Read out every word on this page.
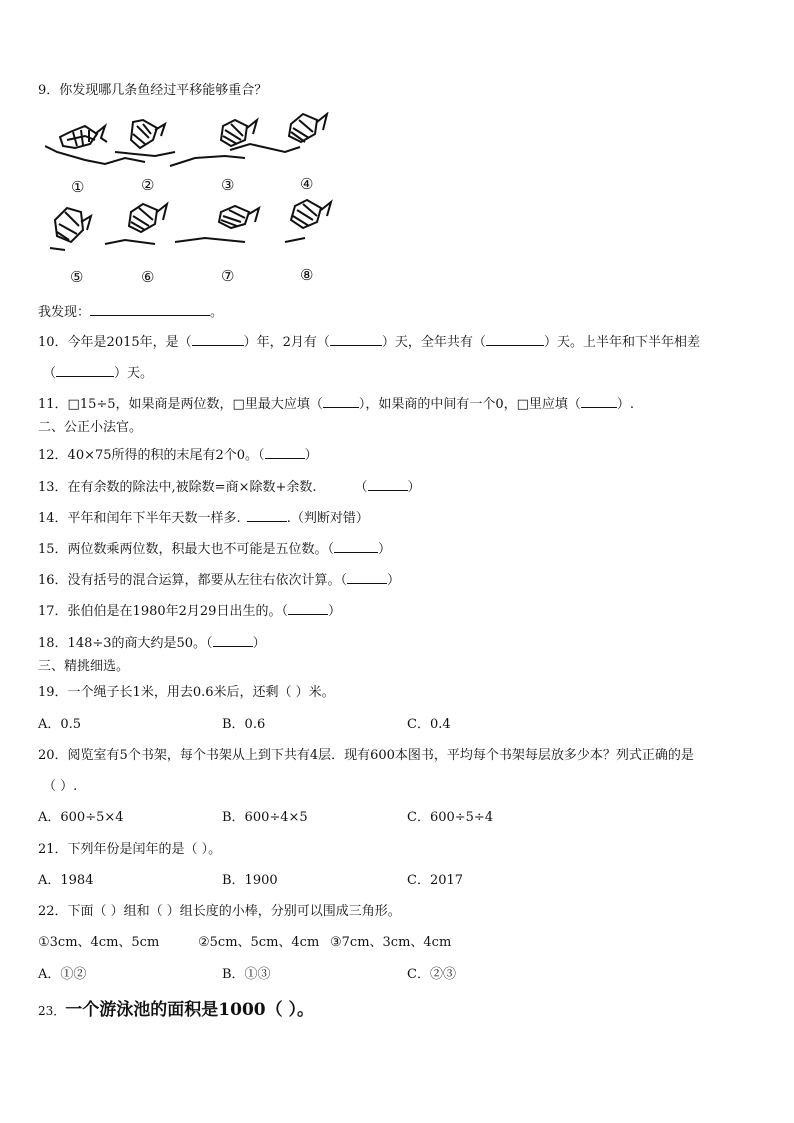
9．你发现哪几条鱼经过平移能够重合？
①	②	③	④
⑤	⑥	⑦	⑧
我发现：	。
10．今年是2015年，是（	）年，2月有（	）天，全年共有（	）天。上半年和下半年相差
（	）天。
11．□15÷5，如果商是两位数，□里最大应填（	），如果商的中间有一个0，□里应填（	）.
二、公正小法官。
12．40×75所得的积的末尾有2个0。（	）
13．在有余数的除法中,被除数=商×除数+余数.	（	）
14．平年和闰年下半年天数一样多.	.（判断对错）
15．两位数乘两位数，积最大也不可能是五位数。（	）
16．没有括号的混合运算，都要从左往右依次计算。（	）
17．张伯伯是在1980年2月29日出生的。（	）
18．148÷3的商大约是50。（	）
三、精挑细选。
19．一个绳子长1米，用去0.6米后，还剩（ ）米。
A．0.5	B．0.6	C．0.4
20．阅览室有5个书架，每个书架从上到下共有4层．现有600本图书，平均每个书架每层放多少本？列式正确的是
（ ）.
A．600÷5×4	B．600÷4×5	C．600÷5÷4
21．下列年份是闰年的是（ ）。
A．1984	B．1900	C．2017
22．下面（ ）组和（ ）组长度的小棒，分别可以围成三角形。
①3cm、4cm、5cm	②5cm、5cm、4cm ③7cm、3cm、4cm
A．①②	B．①③	C．②③
23．一个游泳池的面积是1000（ ）。
